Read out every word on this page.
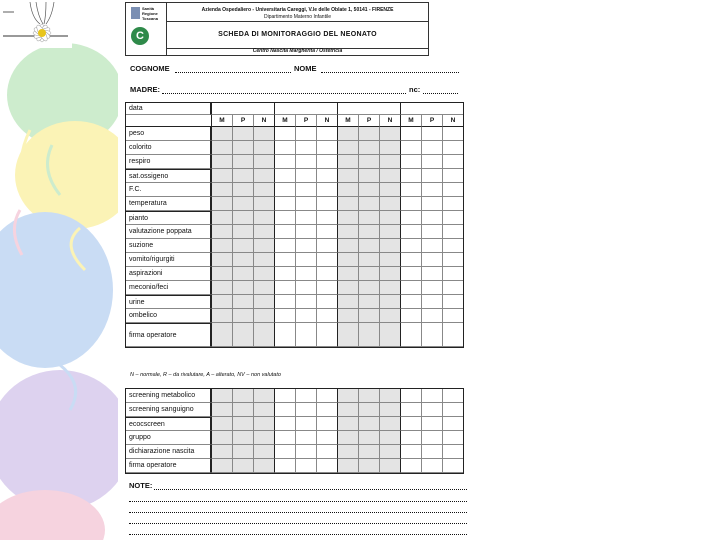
Sanità Regione Toscana
C
Azienda Ospedaliero - Universitaria Careggi, V.le delle Oblate 1, 50141 - FIRENZE
Dipartimento Materno Infantile
SCHEDA DI MONITORAGGIO DEL NEONATO
Centro Nascita Margherita / Ostetricia
COGNOME	NOME
MADRE:	nc:
data
M	P	N	M	P	N	M	P	N	M	P	N
peso
colorito
respiro
sat.ossigeno
F.C.
temperatura
pianto
valutazione poppata
suzione
vomito/rigurgiti
aspirazioni
meconio/feci
urine
ombelico
firma operatore
N – normale, R – da rivalutare, A – alterato, NV – non valutato
screening metabolico
screening sanguigno
ecocscreen
gruppo
dichiarazione nascita
firma operatore
NOTE:
